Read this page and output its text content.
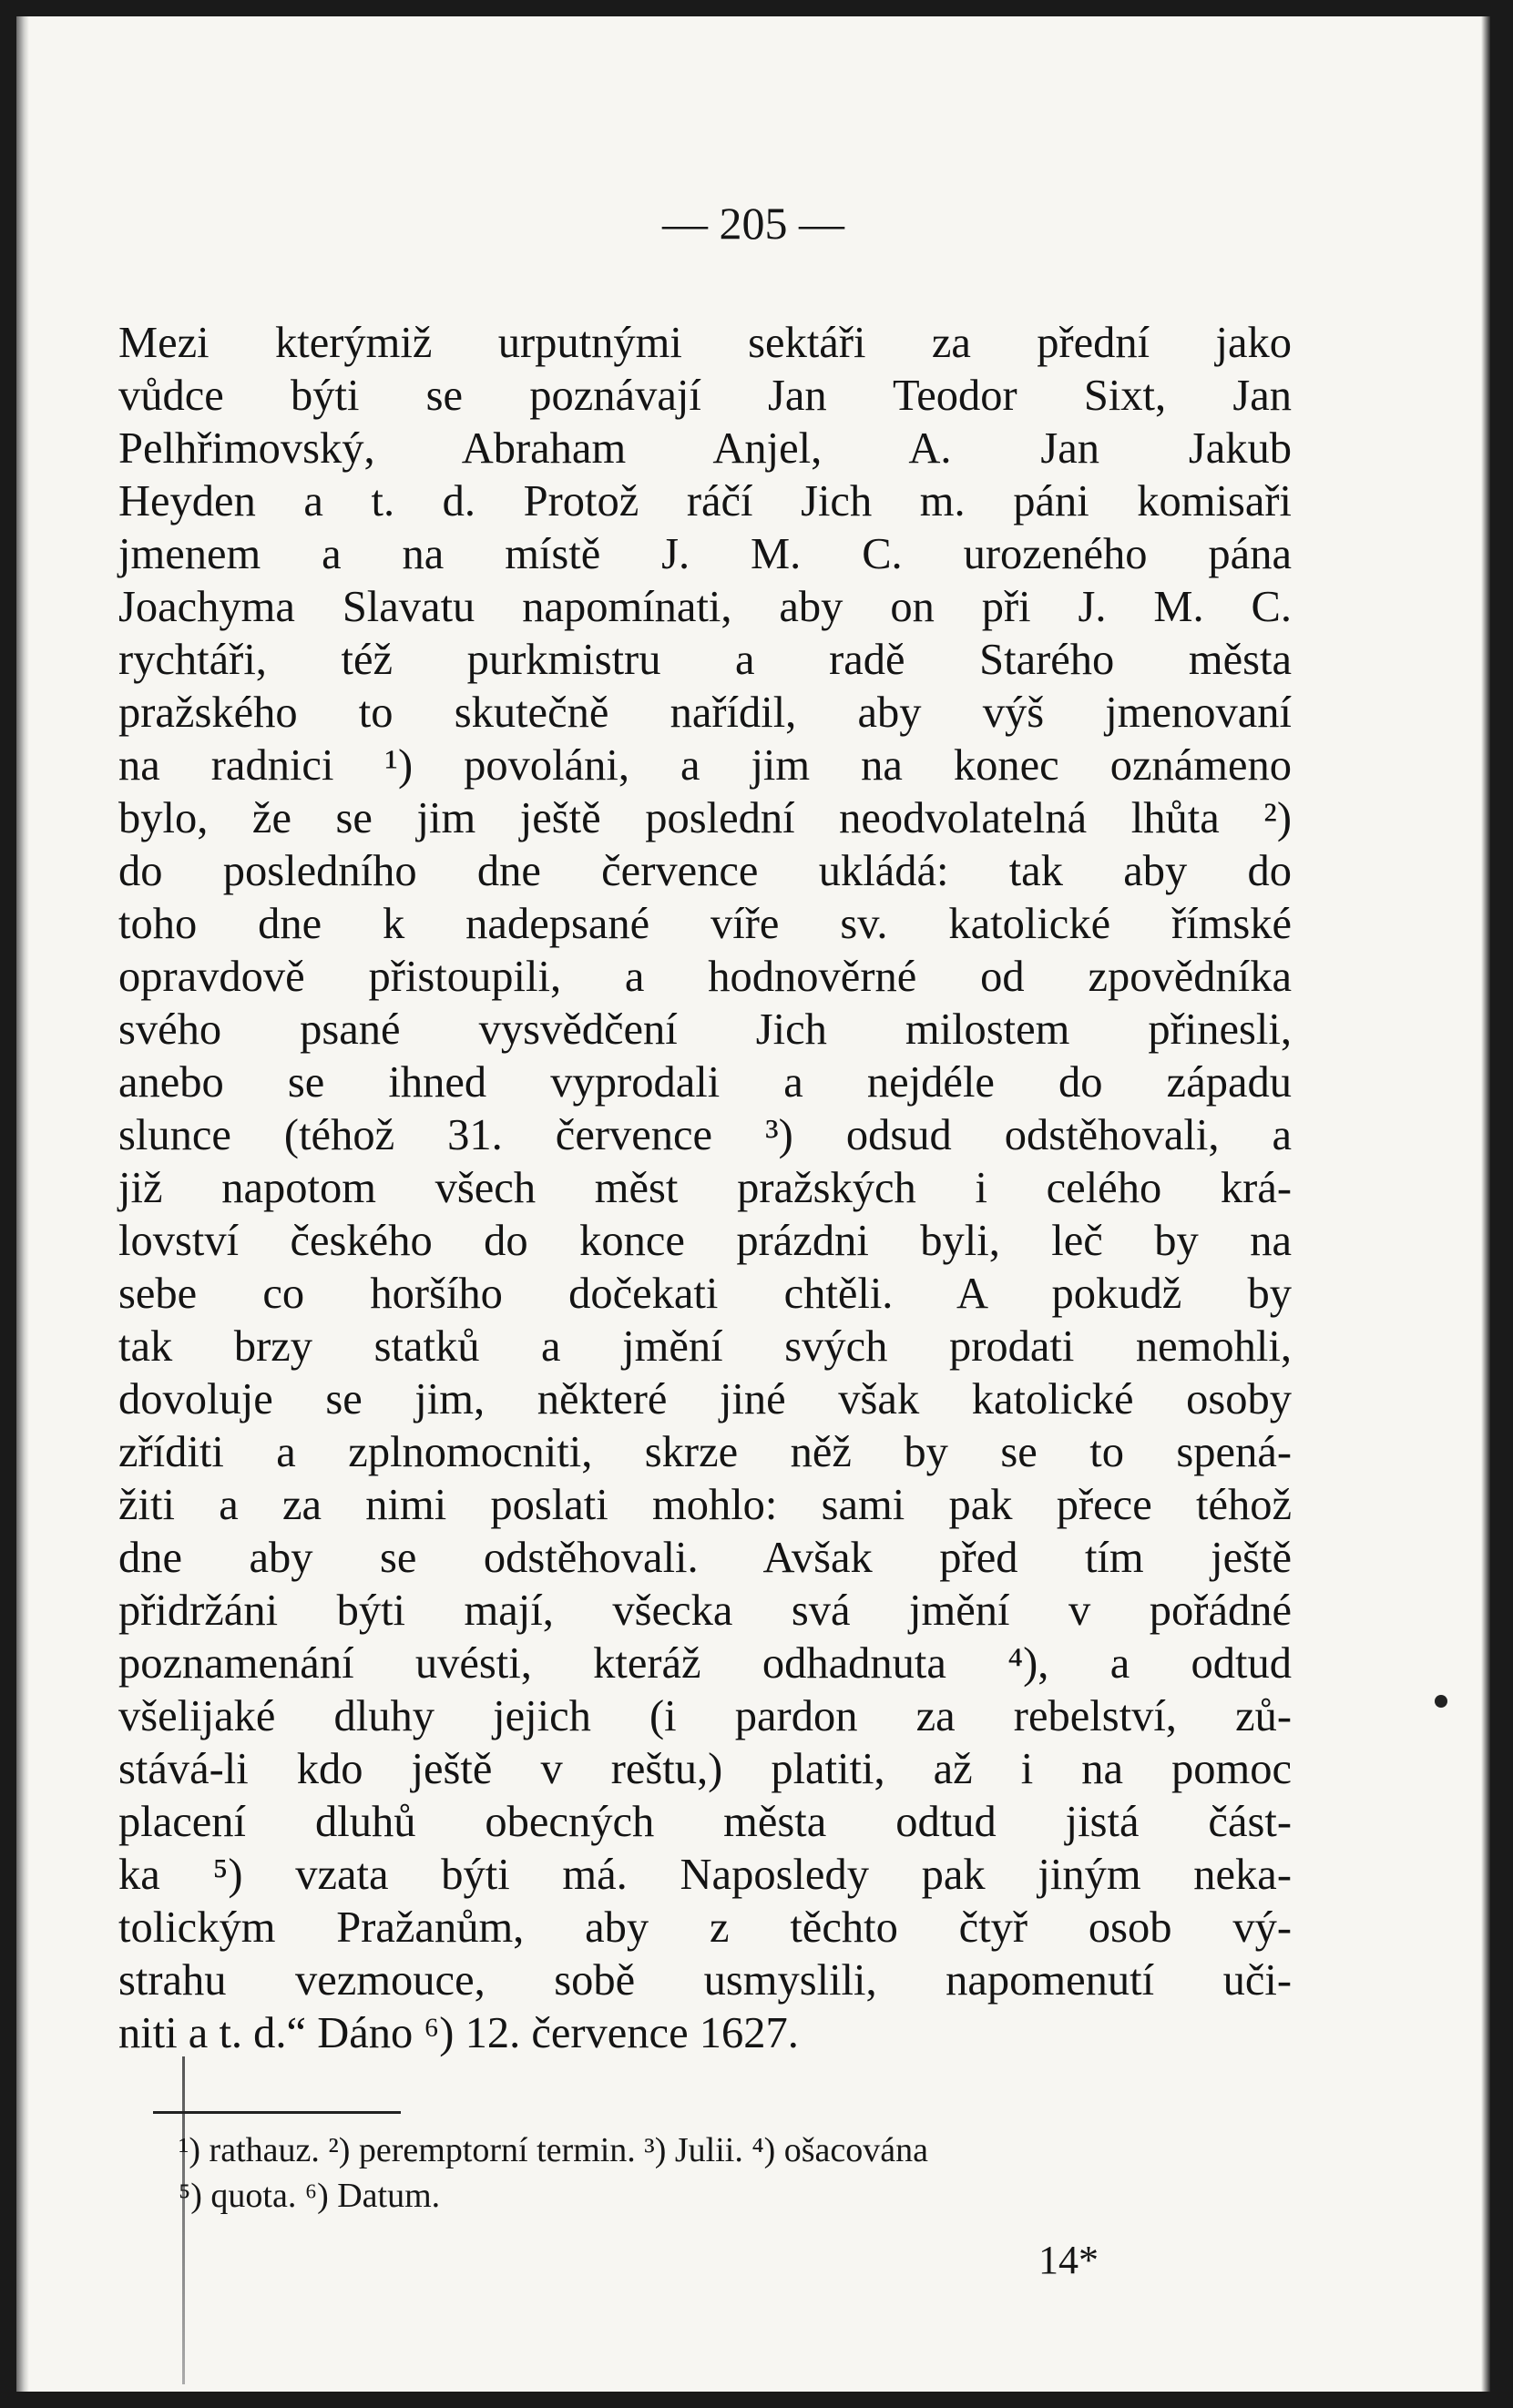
— 205 —
Mezi kterýmiž urputnými sektáři za přední jako
vůdce býti se poznávají Jan Teodor Sixt, Jan
Pelhřimovský, Abraham Anjel, A. Jan Jakub
Heyden a t. d. Protož ráčí Jich m. páni komisaři
jmenem a na místě J. M. C. urozeného pána
Joachyma Slavatu napomínati, aby on při J. M. C.
rychtáři, též purkmistru a radě Starého města
pražského to skutečně nařídil, aby výš jmenovaní
na radnici ¹) povoláni, a jim na konec oznámeno
bylo, že se jim ještě poslední neodvolatelná lhůta ²)
do posledního dne července ukládá: tak aby do
toho dne k nadepsané víře sv. katolické římské
opravdově přistoupili, a hodnověrné od zpovědníka
svého psané vysvědčení Jich milostem přinesli,
anebo se ihned vyprodali a nejdéle do západu
slunce (téhož 31. července ³) odsud odstěhovali, a
již napotom všech měst pražských i celého krá-
lovství českého do konce prázdni byli, leč by na
sebe co horšího dočekati chtěli. A pokudž by
tak brzy statků a jmění svých prodati nemohli,
dovoluje se jim, některé jiné však katolické osoby
zříditi a zplnomocniti, skrze něž by se to spená-
žiti a za nimi poslati mohlo: sami pak přece téhož
dne aby se odstěhovali. Avšak před tím ještě
přidržáni býti mají, všecka svá jmění v pořádné
poznamenání uvésti, kteráž odhadnuta ⁴), a odtud
všelijaké dluhy jejich (i pardon za rebelství, zů-
stává-li kdo ještě v reštu,) platiti, až i na pomoc
placení dluhů obecných města odtud jistá část-
ka ⁵) vzata býti má. Naposledy pak jiným neka-
tolickým Pražanům, aby z těchto čtyř osob vý-
strahu vezmouce, sobě usmyslili, napomenutí uči-
niti a t. d.“ Dáno ⁶) 12. července 1627.
¹) rathauz. ²) peremptorní termin. ³) Julii. ⁴) ošacována
⁵) quota. ⁶) Datum.
14*
